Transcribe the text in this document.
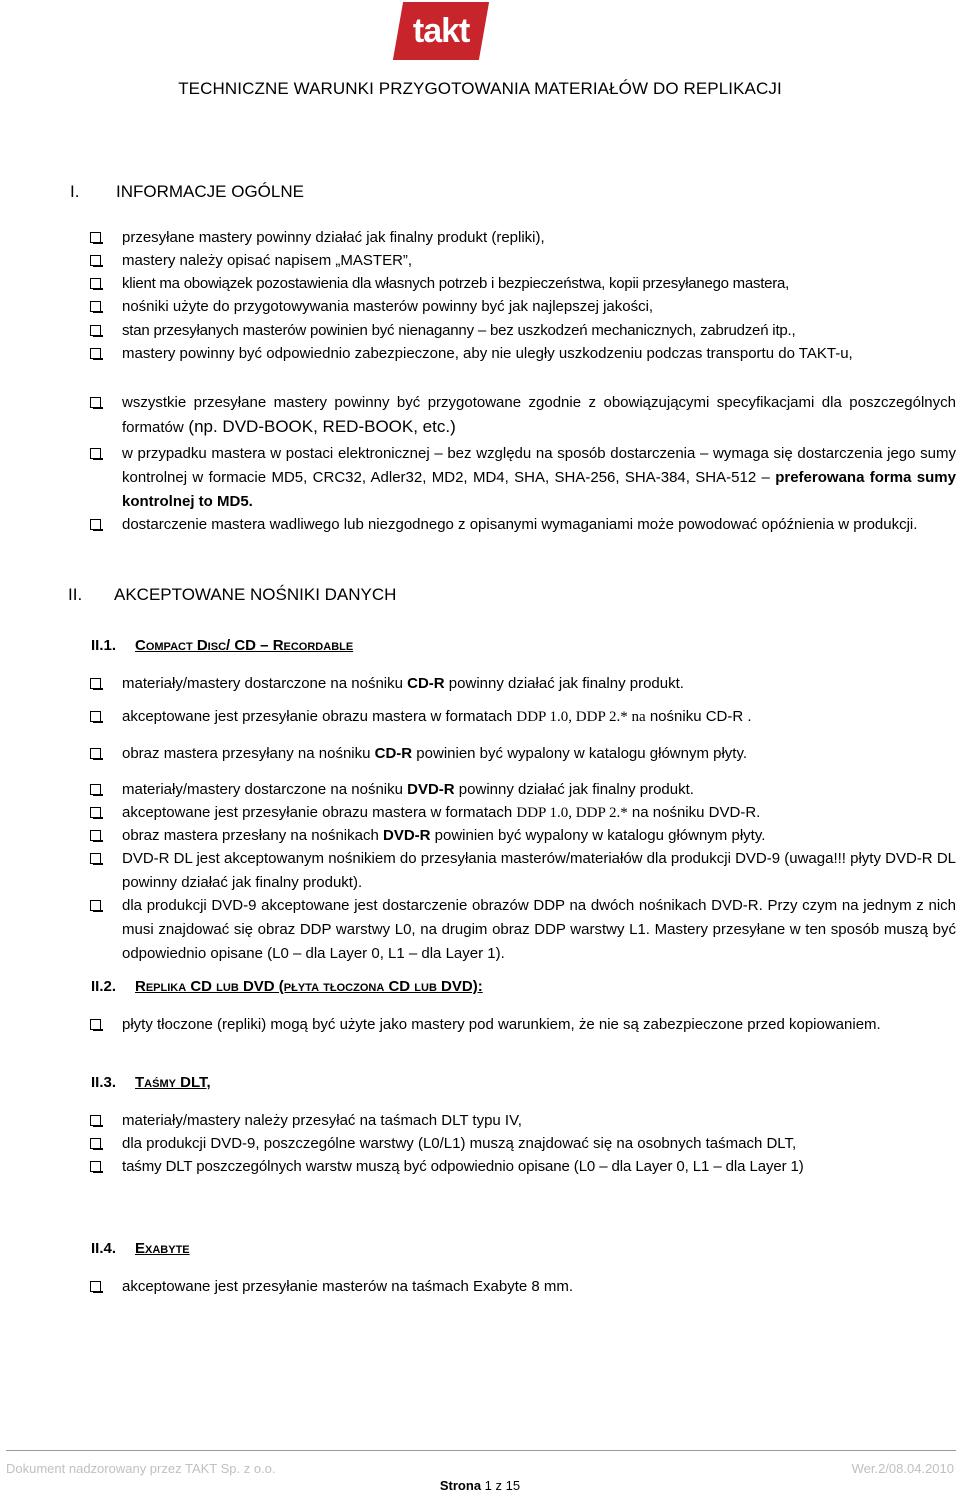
takt
TECHNICZNE WARUNKI PRZYGOTOWANIA MATERIAŁÓW DO REPLIKACJI
I. INFORMACJE OGÓLNE
przesyłane mastery powinny działać jak finalny produkt (repliki),
mastery należy opisać napisem „MASTER”,
klient ma obowiązek pozostawienia dla własnych potrzeb i bezpieczeństwa, kopii przesyłanego mastera,
nośniki użyte do przygotowywania masterów powinny być jak najlepszej jakości,
stan przesyłanych masterów powinien być nienaganny – bez uszkodzeń mechanicznych, zabrudzeń itp.,
mastery powinny być odpowiednio zabezpieczone, aby nie uległy uszkodzeniu podczas transportu do TAKT-u,
wszystkie przesyłane mastery powinny być przygotowane zgodnie z obowiązującymi specyfikacjami dla poszczególnych formatów (np. DVD-BOOK, RED-BOOK, etc.)
w przypadku mastera w postaci elektronicznej – bez względu na sposób dostarczenia – wymaga się dostarczenia jego sumy kontrolnej w formacie MD5, CRC32, Adler32, MD2, MD4, SHA, SHA-256, SHA-384, SHA-512 – preferowana forma sumy kontrolnej to MD5.
dostarczenie mastera wadliwego lub niezgodnego z opisanymi wymaganiami może powodować opóźnienia w produkcji.
II. AKCEPTOWANE NOŚNIKI DANYCH
II.1. Compact Disc/ CD – Recordable
materiały/mastery dostarczone na nośniku CD-R powinny działać jak finalny produkt.
akceptowane jest przesyłanie obrazu mastera w formatach DDP 1.0, DDP 2.* na nośniku CD-R .
obraz mastera przesyłany na nośniku CD-R powinien być wypalony w katalogu głównym płyty.
materiały/mastery dostarczone na nośniku DVD-R powinny działać jak finalny produkt.
akceptowane jest przesyłanie obrazu mastera w formatach DDP 1.0, DDP 2.* na nośniku DVD-R.
obraz mastera przesłany na nośnikach DVD-R powinien być wypalony w katalogu głównym płyty.
DVD-R DL jest akceptowanym nośnikiem do przesyłania masterów/materiałów dla produkcji DVD-9 (uwaga!!! płyty DVD-R DL powinny działać jak finalny produkt).
dla produkcji DVD-9 akceptowane jest dostarczenie obrazów DDP na dwóch nośnikach DVD-R. Przy czym na jednym z nich musi znajdować się obraz DDP warstwy L0, na drugim obraz DDP warstwy L1. Mastery przesyłane w ten sposób muszą być odpowiednio opisane (L0 – dla Layer 0, L1 – dla Layer 1).
II.2. Replika CD lub DVD (płyta tłoczona CD lub DVD):
płyty tłoczone (repliki) mogą być użyte jako mastery pod warunkiem, że nie są zabezpieczone przed kopiowaniem.
II.3. Taśmy DLT,
materiały/mastery należy przesyłać na taśmach DLT typu IV,
dla produkcji DVD-9, poszczególne warstwy (L0/L1) muszą znajdować się na osobnych taśmach DLT,
taśmy DLT poszczególnych warstw muszą być odpowiednio opisane (L0 – dla Layer 0, L1 – dla Layer 1)
II.4. Exabyte
akceptowane jest przesyłanie masterów na taśmach Exabyte 8 mm.
Dokument nadzorowany przez TAKT Sp. z o.o.	Wer.2/08.04.2010
Strona 1 z 15
